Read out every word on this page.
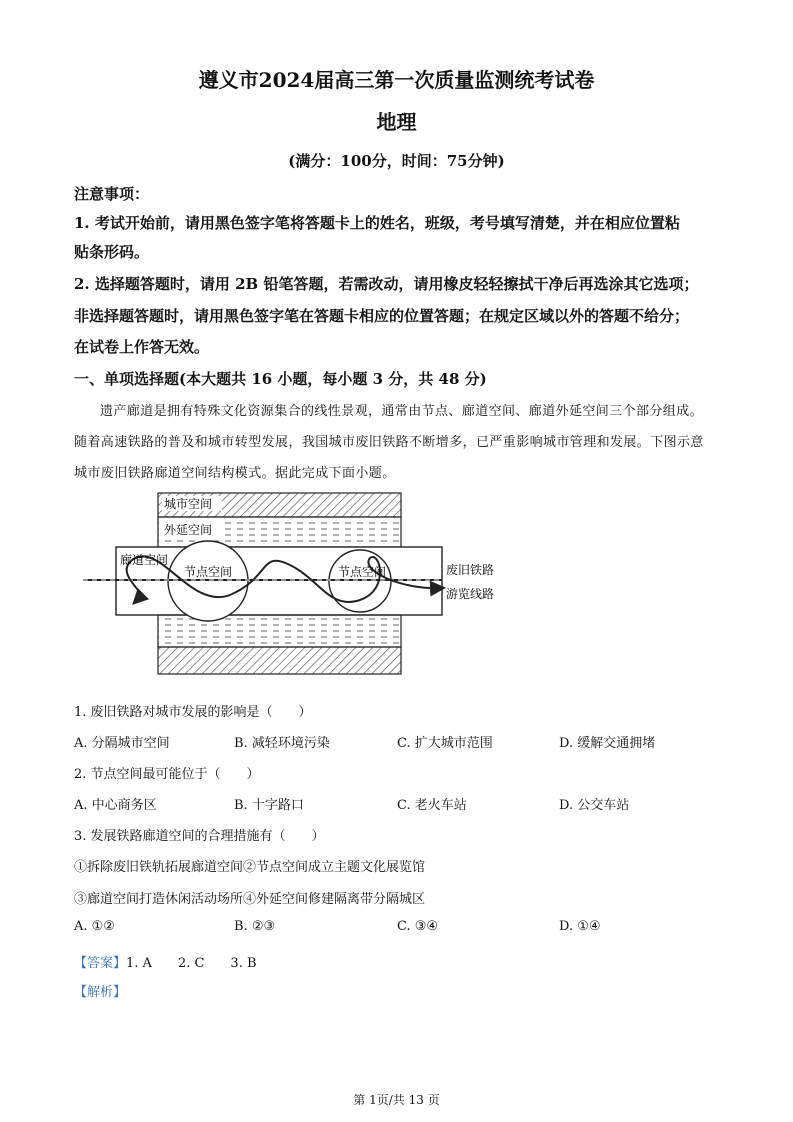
遵义市2024届高三第一次质量监测统考试卷
地理
(满分：100分，时间：75分钟)
注意事项：
1. 考试开始前，请用黑色签字笔将答题卡上的姓名，班级，考号填写清楚，并在相应位置粘
贴条形码。
2. 选择题答题时，请用 2B 铅笔答题，若需改动，请用橡皮轻轻擦拭干净后再选涂其它选项；
非选择题答题时，请用黑色签字笔在答题卡相应的位置答题；在规定区域以外的答题不给分；
在试卷上作答无效。
一、单项选择题(本大题共 16 小题，每小题 3 分，共 48 分)
遗产廊道是拥有特殊文化资源集合的线性景观，通常由节点、廊道空间、廊道外延空间三个部分组成。随着高速铁路的普及和城市转型发展，我国城市废旧铁路不断增多，已严重影响城市管理和发展。下图示意城市废旧铁路廊道空间结构模式。据此完成下面小题。
城市空间
外延空间
廊道空间
节点空间	节点空间	废旧铁路
游览线路
1. 废旧铁路对城市发展的影响是（　　）
A. 分隔城市空间	B. 减轻环境污染	C. 扩大城市范围	D. 缓解交通拥堵
2. 节点空间最可能位于（　　）
A. 中心商务区	B. 十字路口	C. 老火车站	D. 公交车站
3. 发展铁路廊道空间的合理措施有（　　）
①拆除废旧铁轨拓展廊道空间②节点空间成立主题文化展览馆
③廊道空间打造休闲活动场所④外延空间修建隔离带分隔城区
A. ①②	B. ②③	C. ③④	D. ①④
【答案】1. A　　2. C　　3. B
【解析】
第 1页/共 13 页
